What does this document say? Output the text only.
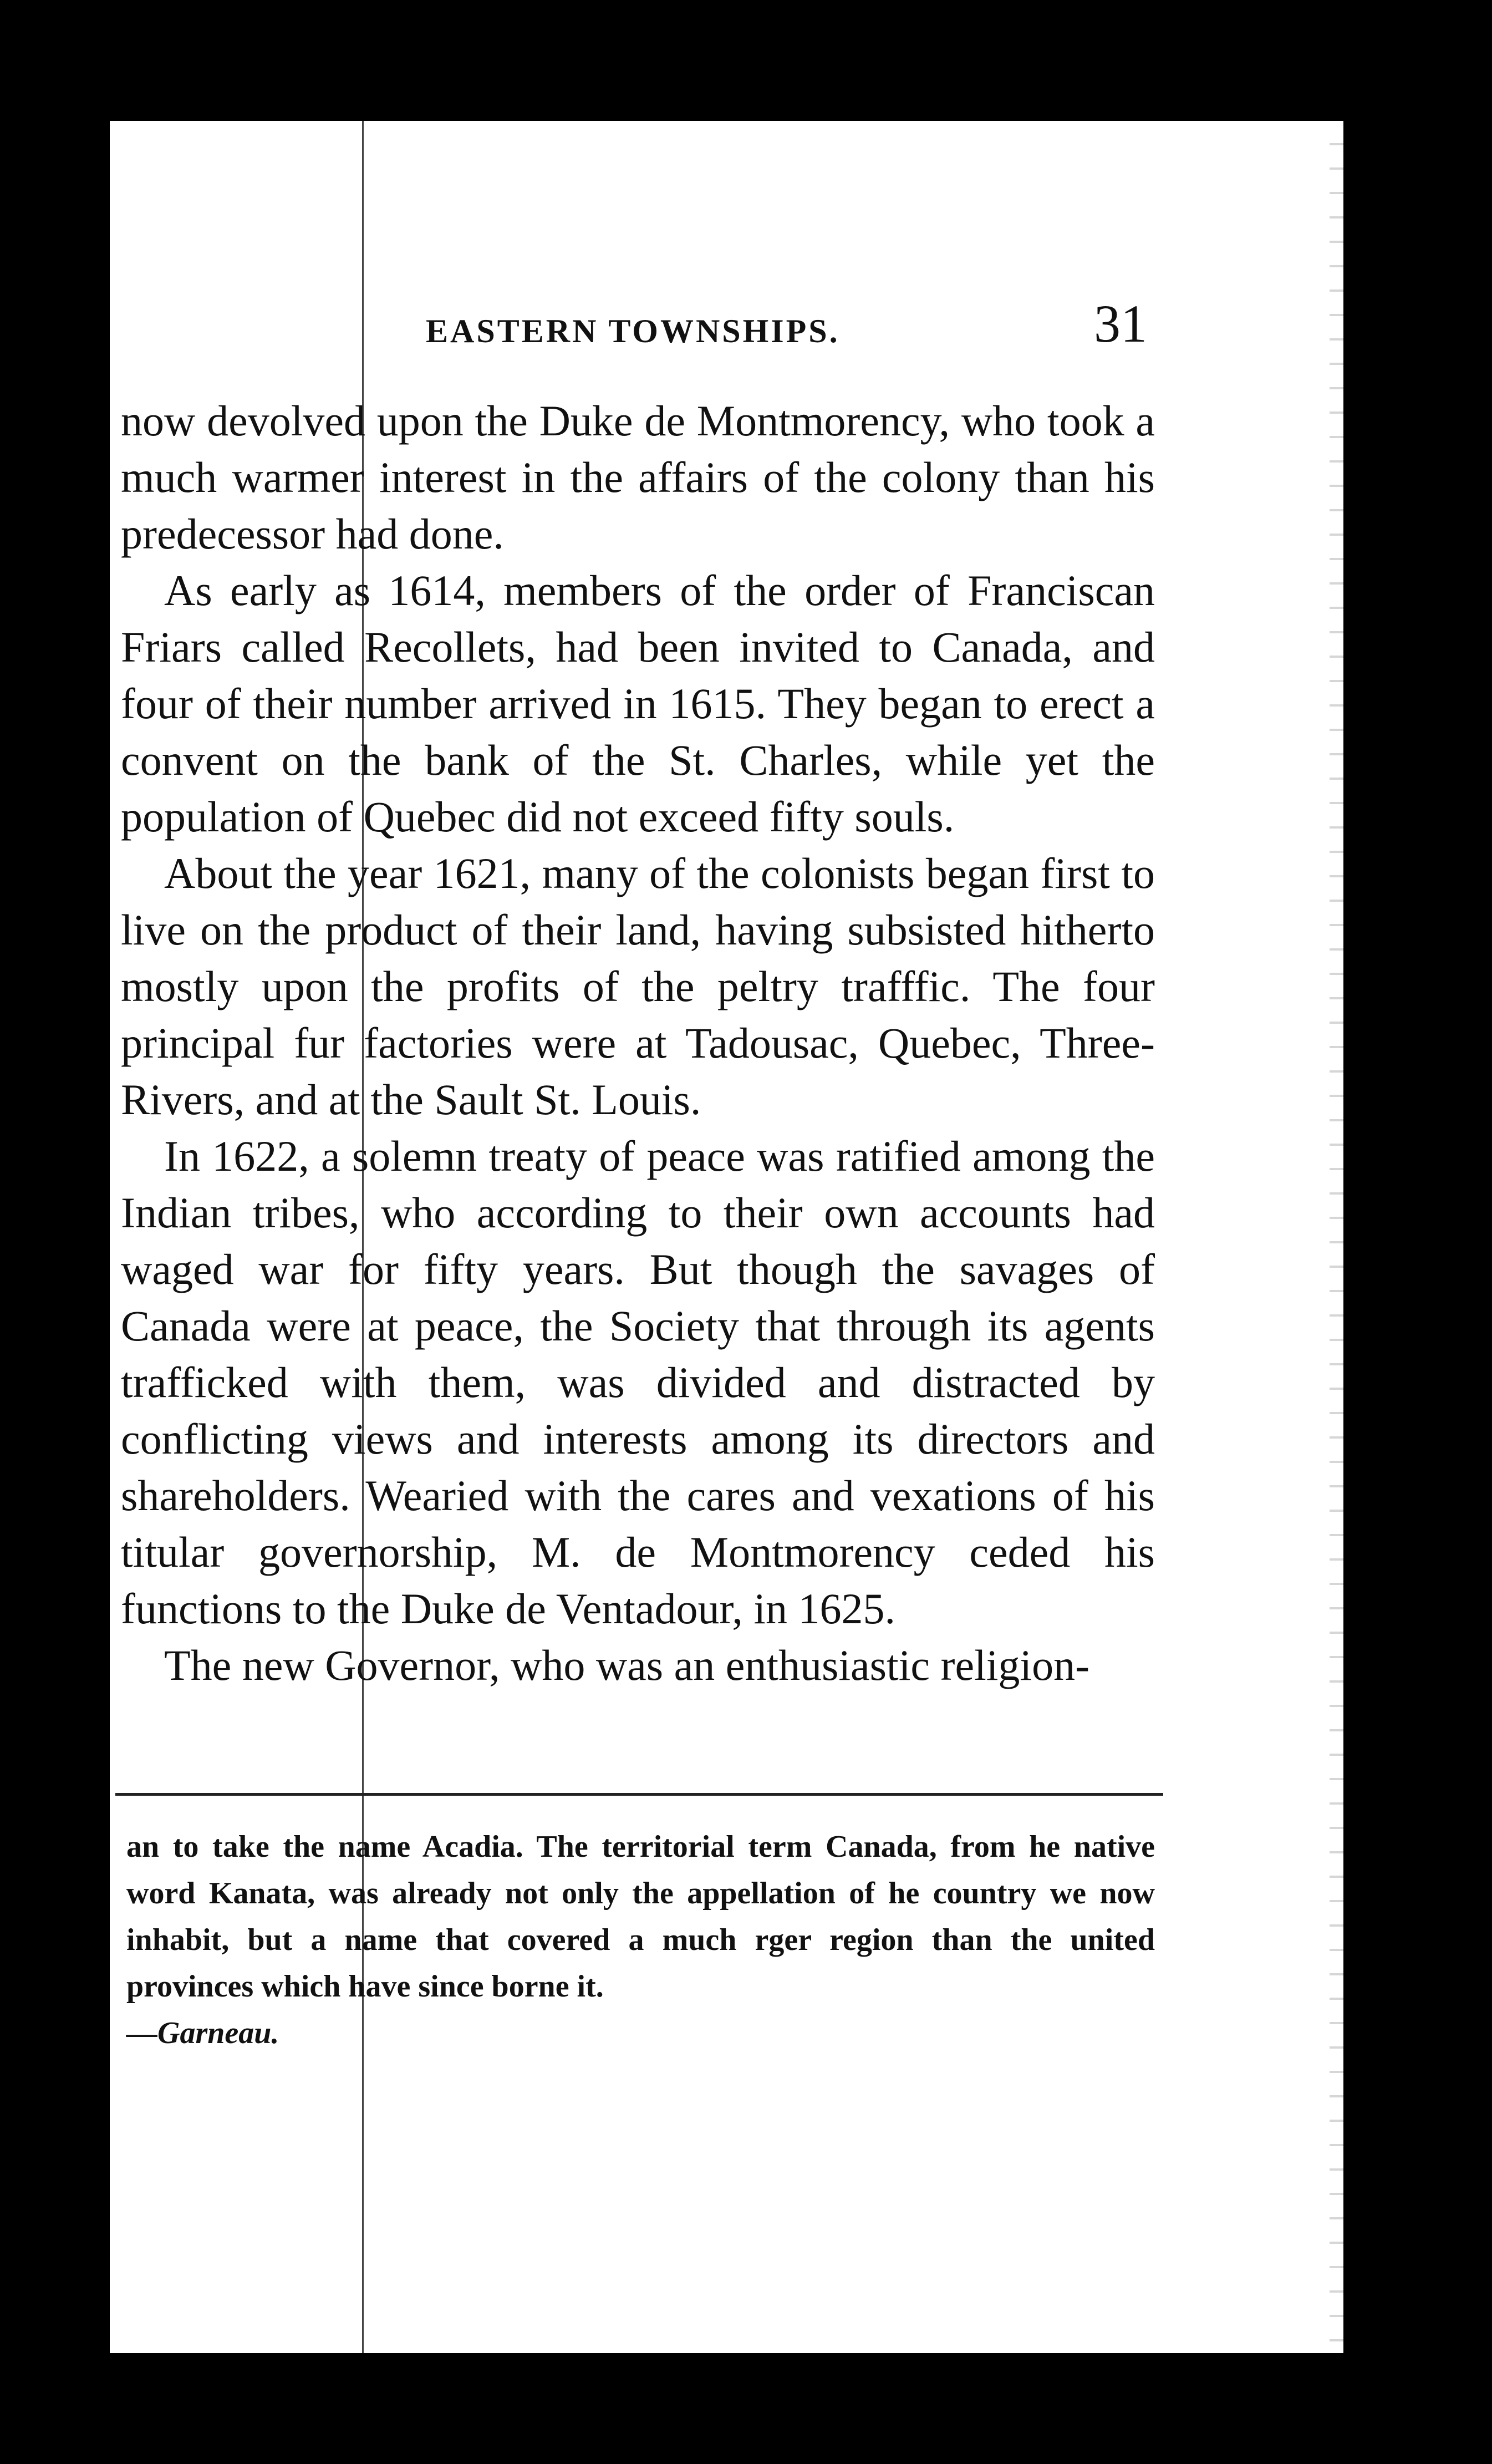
EASTERN TOWNSHIPS.	31

now devolved upon the Duke de Montmorency, who took a much warmer interest in the affairs of the colony than his predecessor had done.

As early as 1614, members of the order of Franciscan Friars called Recollets, had been invited to Canada, and four of their number arrived in 1615. They began to erect a convent on the bank of the St. Charles, while yet the population of Quebec did not exceed fifty souls.

About the year 1621, many of the colonists began first to live on the product of their land, having subsisted hitherto mostly upon the profits of the peltry trafffic. The four principal fur factories were at Tadousac, Quebec, Three-Rivers, and at the Sault St. Louis.

In 1622, a solemn treaty of peace was ratified among the Indian tribes, who according to their own accounts had waged war for fifty years. But though the savages of Canada were at peace, the Society that through its agents trafficked with them, was divided and distracted by conflicting views and interests among its directors and shareholders. Wearied with the cares and vexations of his titular governorship, M. de Montmorency ceded his functions to the Duke de Ventadour, in 1625.

The new Governor, who was an enthusiastic religion-

an to take the name Acadia. The territorial term Canada, from he native word Kanata, was already not only the appellation of he country we now inhabit, but a name that covered a much rger region than the united provinces which have since borne it.
—Garneau.
